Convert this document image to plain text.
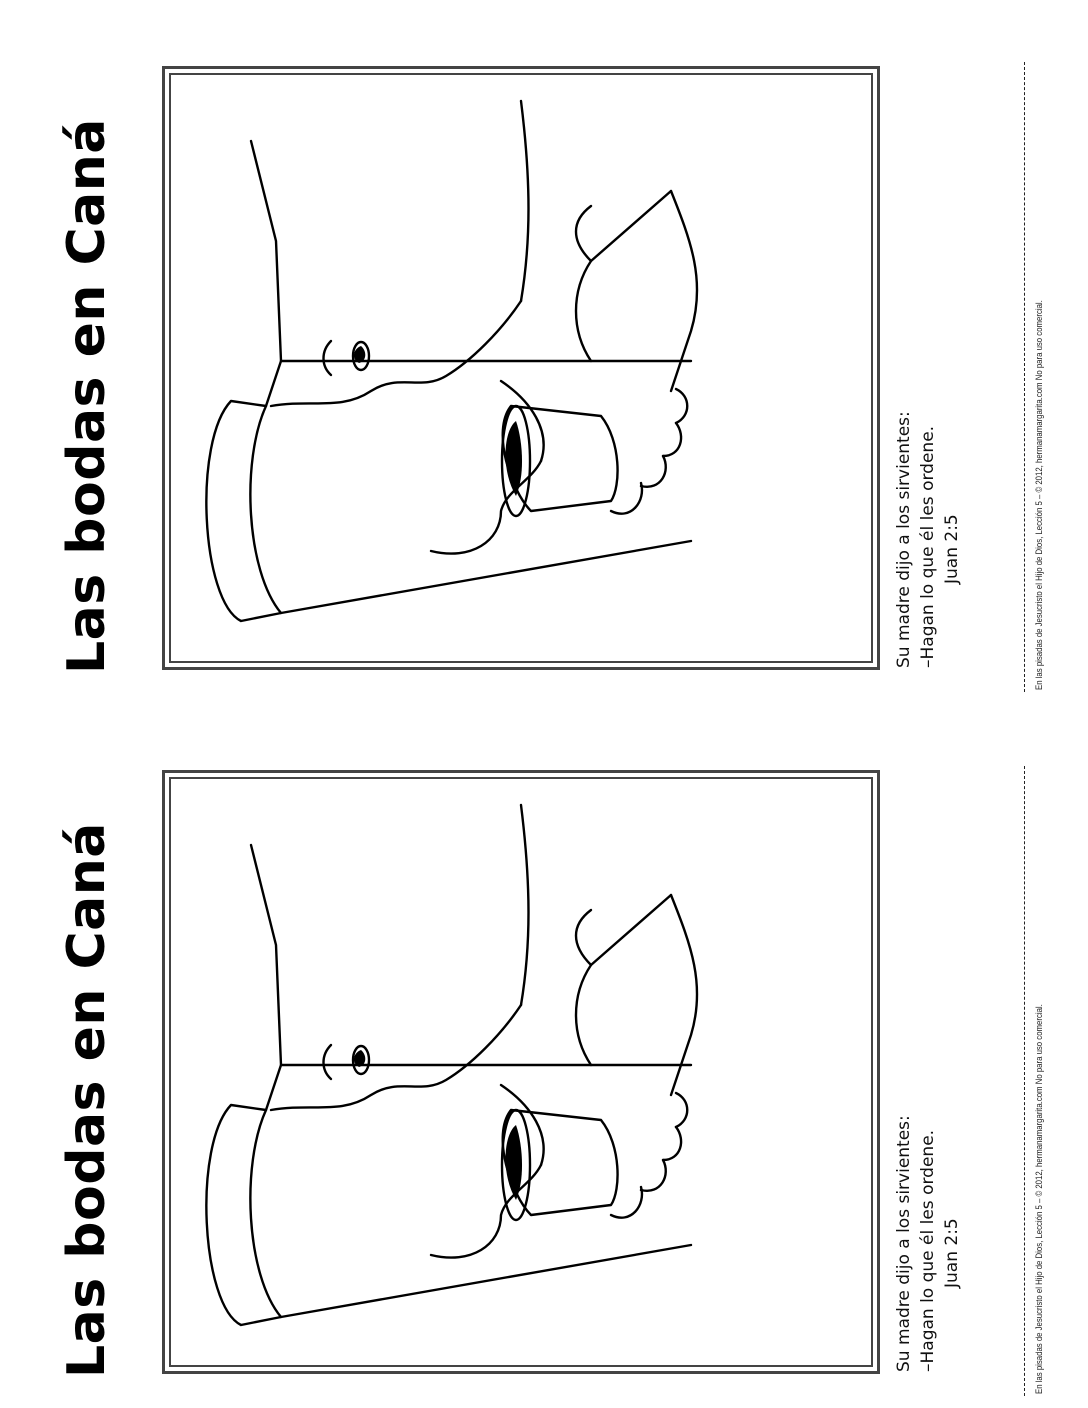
Las bodas en Caná	Su madre dijo a los sirvientes: –Hagan lo que él les ordene. Juan 2:5	En las pisadas de Jesucristo el Hijo de Dios, Lección 5 – © 2012, hermanamargarita.com No para uso comercial.
Las bodas en Caná	Su madre dijo a los sirvientes: –Hagan lo que él les ordene. Juan 2:5	En las pisadas de Jesucristo el Hijo de Dios, Lección 5 – © 2012, hermanamargarita.com No para uso comercial.
